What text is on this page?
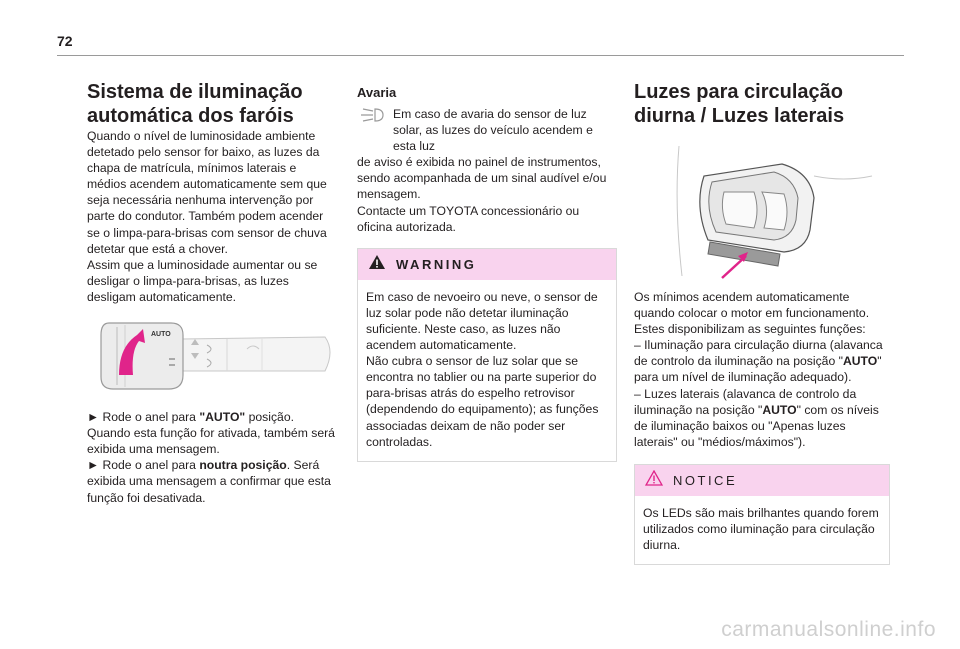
72
Sistema de iluminação automática dos faróis

Quando o nível de luminosidade ambiente detetado pelo sensor for baixo, as luzes da chapa de matrícula, mínimos laterais e médios acendem automaticamente sem que seja necessária nenhuma intervenção por parte do condutor. Também podem acender se o limpa-para-brisas com sensor de chuva detetar que está a chover.

Assim que a luminosidade aumentar ou se desligar o limpa-para-brisas, as luzes desligam automaticamente.

AUTO

► Rode o anel para "AUTO" posição. Quando esta função for ativada, também será exibida uma mensagem.

► Rode o anel para noutra posição. Será exibida uma mensagem a confirmar que esta função foi desativada.

Avaria

Em caso de avaria do sensor de luz solar, as luzes do veículo acendem e esta luz

de aviso é exibida no painel de instrumentos, sendo acompanhada de um sinal audível e/ou mensagem.

Contacte um TOYOTA concessionário ou oficina autorizada.

WARNING

Em caso de nevoeiro ou neve, o sensor de luz solar pode não detetar iluminação suficiente. Neste caso, as luzes não acendem automaticamente.

Não cubra o sensor de luz solar que se encontra no tablier ou na parte superior do para-brisas atrás do espelho retrovisor (dependendo do equipamento); as funções associadas deixam de não poder ser controladas.

Luzes para circulação diurna / Luzes laterais

Os mínimos acendem automaticamente quando colocar o motor em funcionamento.

Estes disponibilizam as seguintes funções:

– Iluminação para circulação diurna (alavanca de controlo da iluminação na posição "AUTO" para um nível de iluminação adequado).

– Luzes laterais (alavanca de controlo da iluminação na posição "AUTO" com os níveis de iluminação baixos ou "Apenas luzes laterais" ou "médios/máximos").

NOTICE

Os LEDs são mais brilhantes quando forem utilizados como iluminação para circulação diurna.

carmanualsonline.info
